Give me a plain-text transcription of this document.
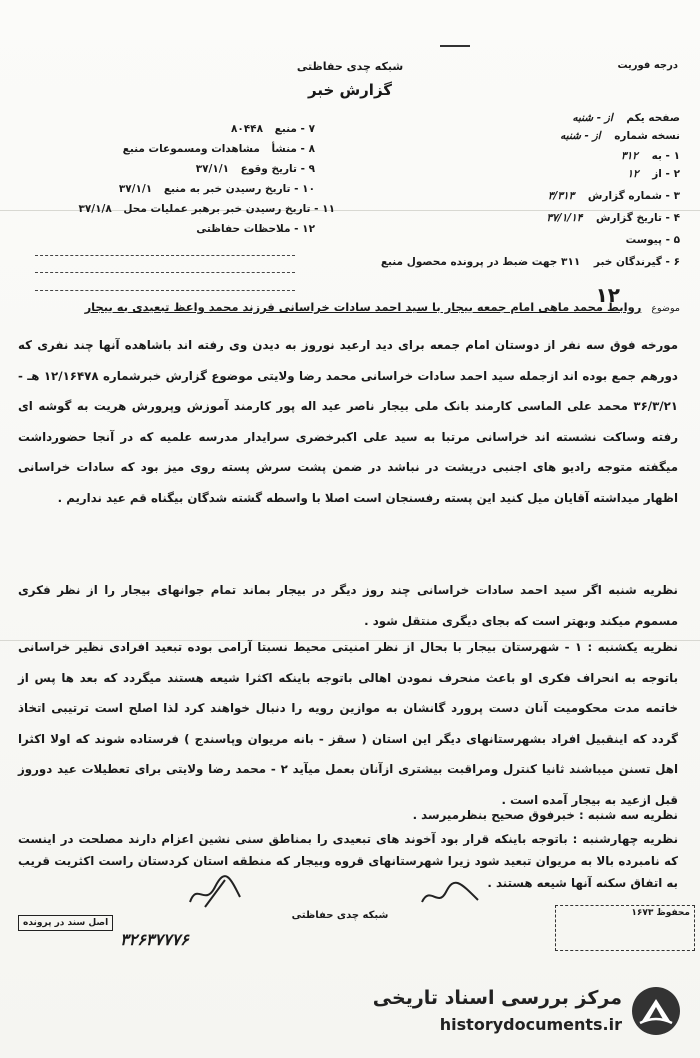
شبکه چدی حفاظتی
گزارش خبر
درجه فوریت
صفحه یکم از - شنبه
نسخه شماره از - شنبه
۱ - به ۳۱۲
۲ - از ۱۲
۳ - شماره گزارش ۳/۳۱۳
۴ - تاریخ گزارش ۳۷/۱/۱۴
۵ - پیوست
۶ - گیرندگان خبر ۳۱۱ جهت ضبط در پرونده محصول منبع
۷ - منبع ۸۰۴۴۸
۸ - منشأ مشاهدات ومسموعات منبع
۹ - تاریخ وقوع ۳۷/۱/۱
۱۰ - تاریخ رسیدن خبر به منبع ۳۷/۱/۱
۱۱ - تاریخ رسیدن خبر برهبر عملیات محل ۳۷/۱/۸
۱۲ - ملاحظات حفاظتی
۱۲
موضوع روابط محمد ماهی امام جمعه بیجار با سید احمد سادات خراسانی فرزند محمد واعظ تبعیدی به بیجار

مورخه فوق سه نفر از دوستان امام جمعه برای دید ارعید نوروز به دیدن وی رفته اند باشاهده آنها چند نفری که دورهم جمع بوده اند ازجمله سید احمد سادات خراسانی محمد رضا ولایتی موضوع گزارش خبرشماره ۱۲/۱۶۴۷۸ هـ - ۳۶/۳/۲۱ محمد علی الماسی کارمند بانک ملی بیجار ناصر عید اله پور کارمند آموزش وپرورش هریت به گوشه ای رفته وساکت نشسته اند خراسانی مرتبا به سید علی اکبرخضری سرایدار مدرسه علمیه که در آنجا حضورداشت میگفته متوجه رادیو های اجنبی دریشت در نباشد در ضمن پشت سرش پسته روی میز بود که سادات خراسانی اظهار میداشته آقایان میل کنید این پسته رفسنجان است اصلا با واسطه گشته شدگان بیگناه قم عید نداریم .

نظریه شنبه اگر سید احمد سادات خراسانی چند روز دیگر در بیجار بماند تمام جوانهای بیجار را از نظر فکری مسموم میکند وبهتر است که بجای دیگری منتقل شود .

نظریه یکشنبه : ۱ - شهرستان بیجار با بحال از نظر امنیتی محیط نسبتا آرامی بوده تبعید افرادی نظیر خراسانی باتوجه به انحراف فکری او باعث منحرف نمودن اهالی باتوجه باینکه اکثرا شیعه هستند میگردد که بعد ها پس از خاتمه مدت محکومیت آنان دست پرورد گانشان به موازین رویه را دنبال خواهند کرد لذا اصلح است ترتیبی اتخاذ گردد که اینقبیل افراد بشهرستانهای دیگر این استان ( سقز - بانه مریوان وپاسندج ) فرستاده شوند که اولا اکثرا اهل تسنن میباشند ثانیا کنترل ومراقبت بیشتری ازآنان بعمل میآید ۲ - محمد رضا ولایتی برای تعطیلات عید دوروز قبل ازعید به بیجار آمده است .

نظریه سه شنبه : خبرفوق صحیح بنظرمیرسد .

نظریه چهارشنبه : باتوجه باینکه قرار بود آخوند های تبعیدی را بمناطق سنی نشین اعزام دارند مصلحت در اینست که نامبرده بالا به مریوان تبعید شود زیرا شهرستانهای قروه وبیجار که منطقه استان کردستان راست اکثریت قریب به اتفاق سکنه آنها شیعه هستند .

محفوظ ۱۶۷۳
شبکه چدی حفاظتی
اصل سند در پرونده
۳۲۶۳۷۷۷۶
مرکز بررسی اسناد تاریخی
historydocuments.ir
